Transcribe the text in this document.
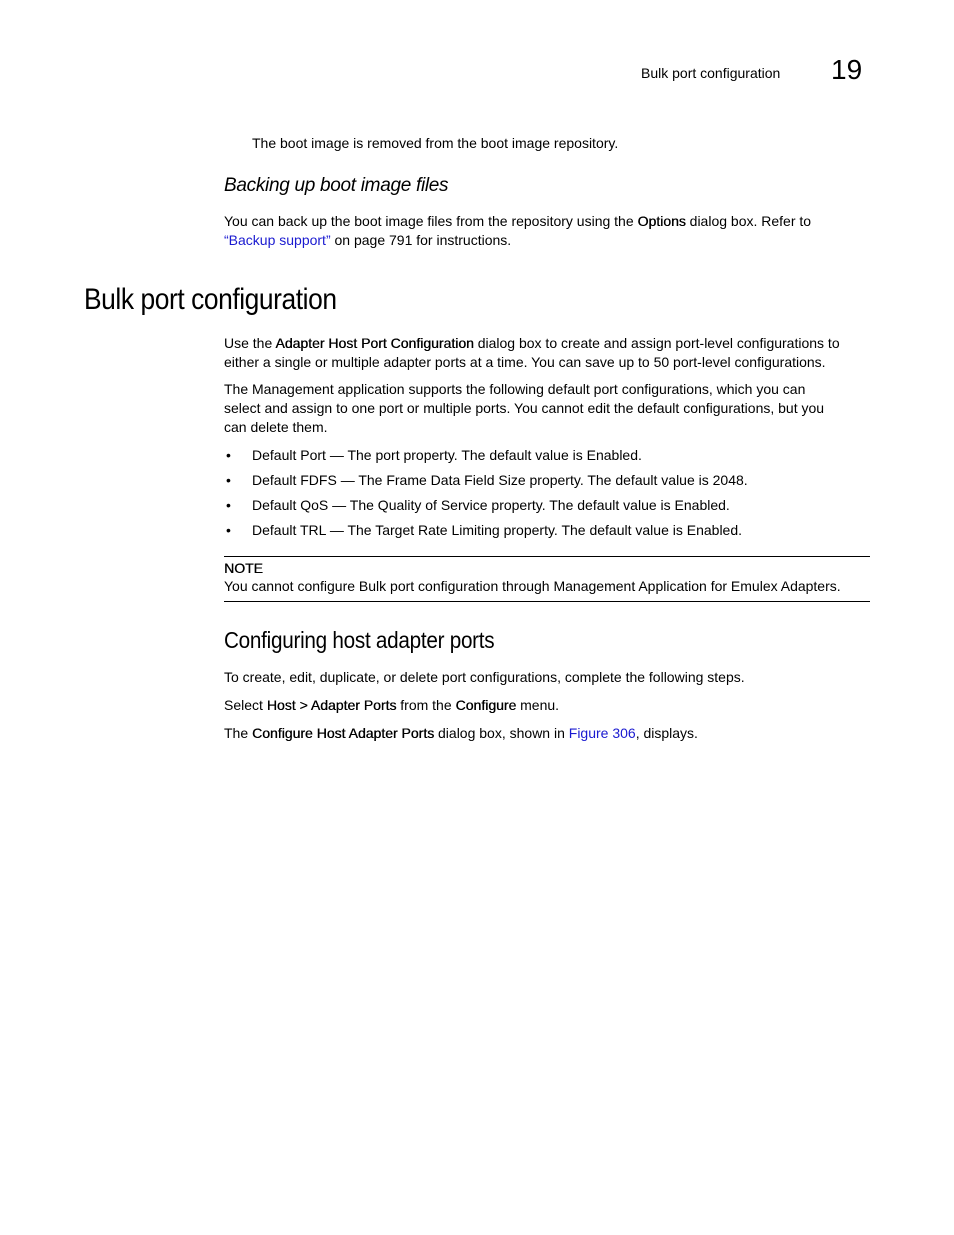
Bulk port configuration 19
The boot image is removed from the boot image repository.
Backing up boot image files
You can back up the boot image files from the repository using the Options dialog box. Refer to
“Backup support” on page 791 for instructions.
Bulk port configuration
Use the Adapter Host Port Configuration dialog box to create and assign port-level configurations to
either a single or multiple adapter ports at a time. You can save up to 50 port-level configurations.
The Management application supports the following default port configurations, which you can
select and assign to one port or multiple ports. You cannot edit the default configurations, but you
can delete them.
• Default Port — The port property. The default value is Enabled.
• Default FDFS — The Frame Data Field Size property. The default value is 2048.
• Default QoS — The Quality of Service property. The default value is Enabled.
• Default TRL — The Target Rate Limiting property. The default value is Enabled.
NOTE
You cannot configure Bulk port configuration through Management Application for Emulex Adapters.
Configuring host adapter ports
To create, edit, duplicate, or delete port configurations, complete the following steps.
Select Host > Adapter Ports from the Configure menu.
The Configure Host Adapter Ports dialog box, shown in Figure 306, displays.
